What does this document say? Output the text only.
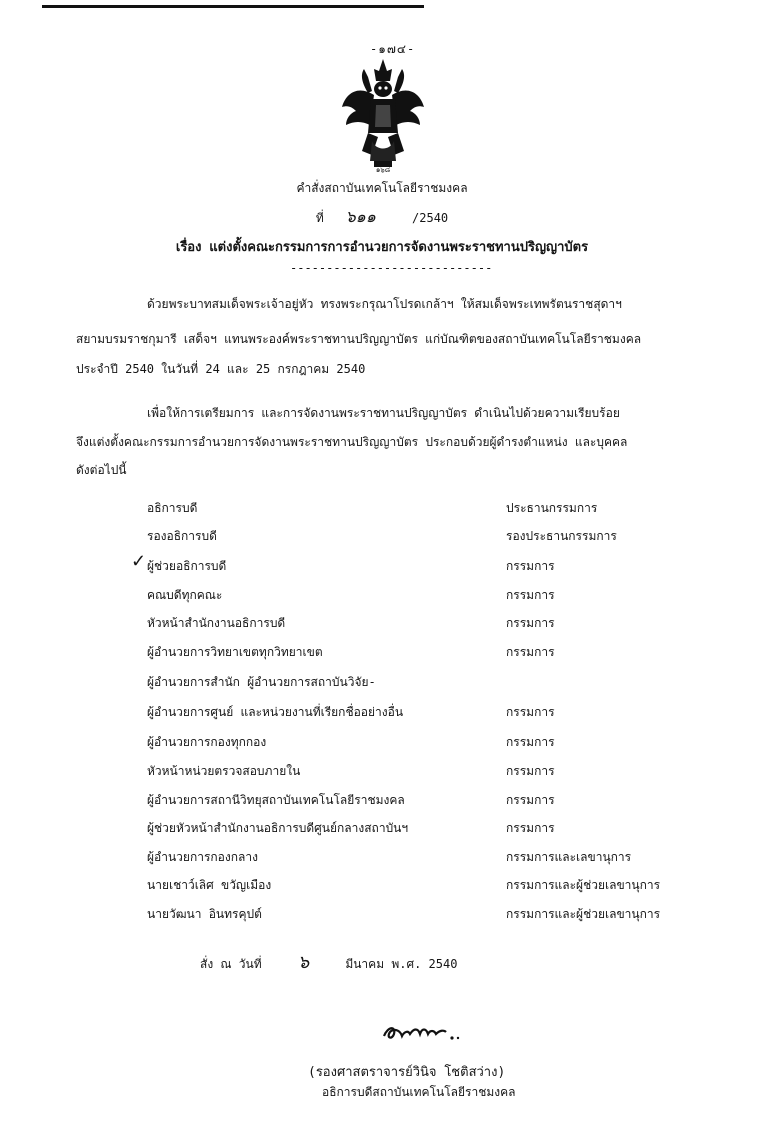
-๑๗๔-
๑๖๘
คำสั่งสถาบันเทคโนโลยีราชมงคล
ที่ ๖๑๑	/2540
เรื่อง แต่งตั้งคณะกรรมการการอำนวยการจัดงานพระราชทานปริญญาบัตร
----------------------------
ด้วยพระบาทสมเด็จพระเจ้าอยู่หัว ทรงพระกรุณาโปรดเกล้าฯ ให้สมเด็จพระเทพรัตนราชสุดาฯ
สยามบรมราชกุมารี เสด็จฯ แทนพระองค์พระราชทานปริญญาบัตร แก่บัณฑิตของสถาบันเทคโนโลยีราชมงคล
ประจำปี 2540 ในวันที่ 24 และ 25 กรกฎาคม 2540
เพื่อให้การเตรียมการ และการจัดงานพระราชทานปริญญาบัตร ดำเนินไปด้วยความเรียบร้อย
จึงแต่งตั้งคณะกรรมการอำนวยการจัดงานพระราชทานปริญญาบัตร ประกอบด้วยผู้ดำรงตำแหน่ง และบุคคล
ดังต่อไปนี้
อธิการบดี	ประธานกรรมการ
รองอธิการบดี	รองประธานกรรมการ
ผู้ช่วยอธิการบดี	กรรมการ
คณบดีทุกคณะ	กรรมการ
หัวหน้าสำนักงานอธิการบดี	กรรมการ
ผู้อำนวยการวิทยาเขตทุกวิทยาเขต	กรรมการ
ผู้อำนวยการสำนัก ผู้อำนวยการสถาบันวิจัย-
ผู้อำนวยการศูนย์ และหน่วยงานที่เรียกชื่ออย่างอื่น	กรรมการ
ผู้อำนวยการกองทุกกอง	กรรมการ
หัวหน้าหน่วยตรวจสอบภายใน	กรรมการ
ผู้อำนวยการสถานีวิทยุสถาบันเทคโนโลยีราชมงคล	กรรมการ
ผู้ช่วยหัวหน้าสำนักงานอธิการบดีศูนย์กลางสถาบันฯ	กรรมการ
ผู้อำนวยการกองกลาง	กรรมการและเลขานุการ
นายเชาว์เลิศ ขวัญเมือง	กรรมการและผู้ช่วยเลขานุการ
นายวัฒนา อินทรคุปต์	กรรมการและผู้ช่วยเลขานุการ
✓
สั่ง ณ วันที่ ๖	มีนาคม พ.ศ. 2540
(รองศาสตราจารย์วินิจ โชติสว่าง)
อธิการบดีสถาบันเทคโนโลยีราชมงคล
